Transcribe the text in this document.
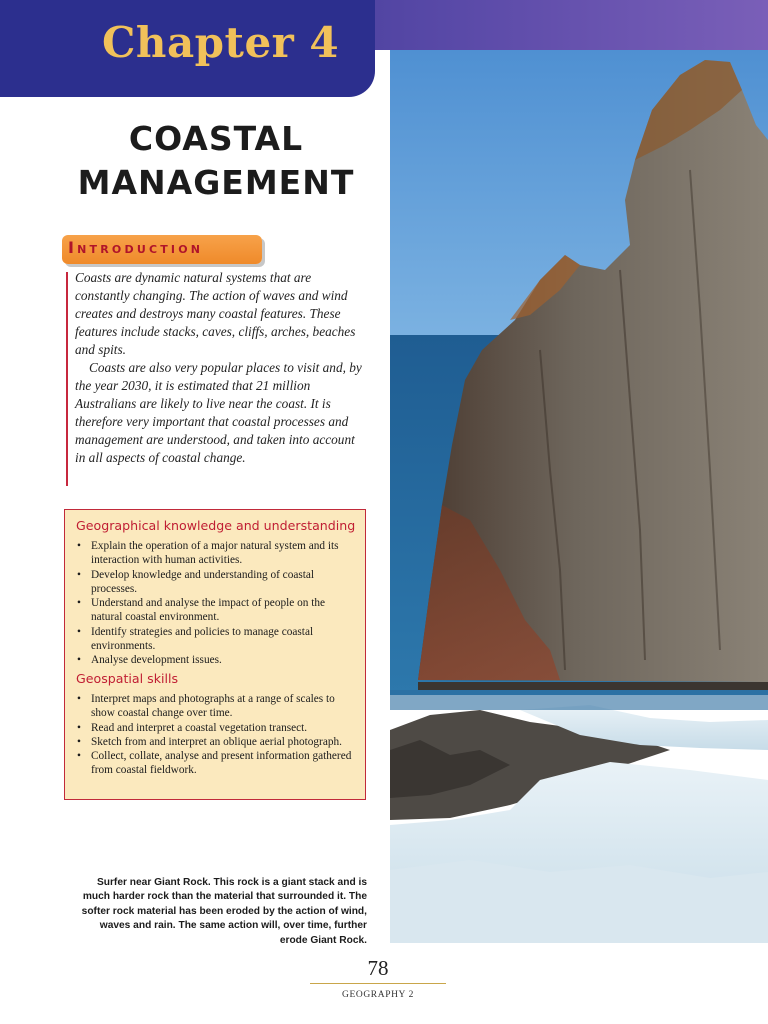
Chapter 4
COASTAL
MANAGEMENT
Introduction

Coasts are dynamic natural systems that are constantly changing. The action of waves and wind creates and destroys many coastal features. These features include stacks, caves, cliffs, arches, beaches and spits.

Coasts are also very popular places to visit and, by the year 2030, it is estimated that 21 million Australians are likely to live near the coast. It is therefore very important that coastal processes and management are understood, and taken into account in all aspects of coastal change.

Geographical knowledge and understanding
• Explain the operation of a major natural system and its interaction with human activities.
• Develop knowledge and understanding of coastal processes.
• Understand and analyse the impact of people on the natural coastal environment.
• Identify strategies and policies to manage coastal environments.
• Analyse development issues.
Geospatial skills
• Interpret maps and photographs at a range of scales to show coastal change over time.
• Read and interpret a coastal vegetation transect.
• Sketch from and interpret an oblique aerial photograph.
• Collect, collate, analyse and present information gathered from coastal fieldwork.

Surfer near Giant Rock. This rock is a giant stack and is much harder rock than the material that surrounded it. The softer rock material has been eroded by the action of wind, waves and rain. The same action will, over time, further erode Giant Rock.

78

GEOGRAPHY 2
